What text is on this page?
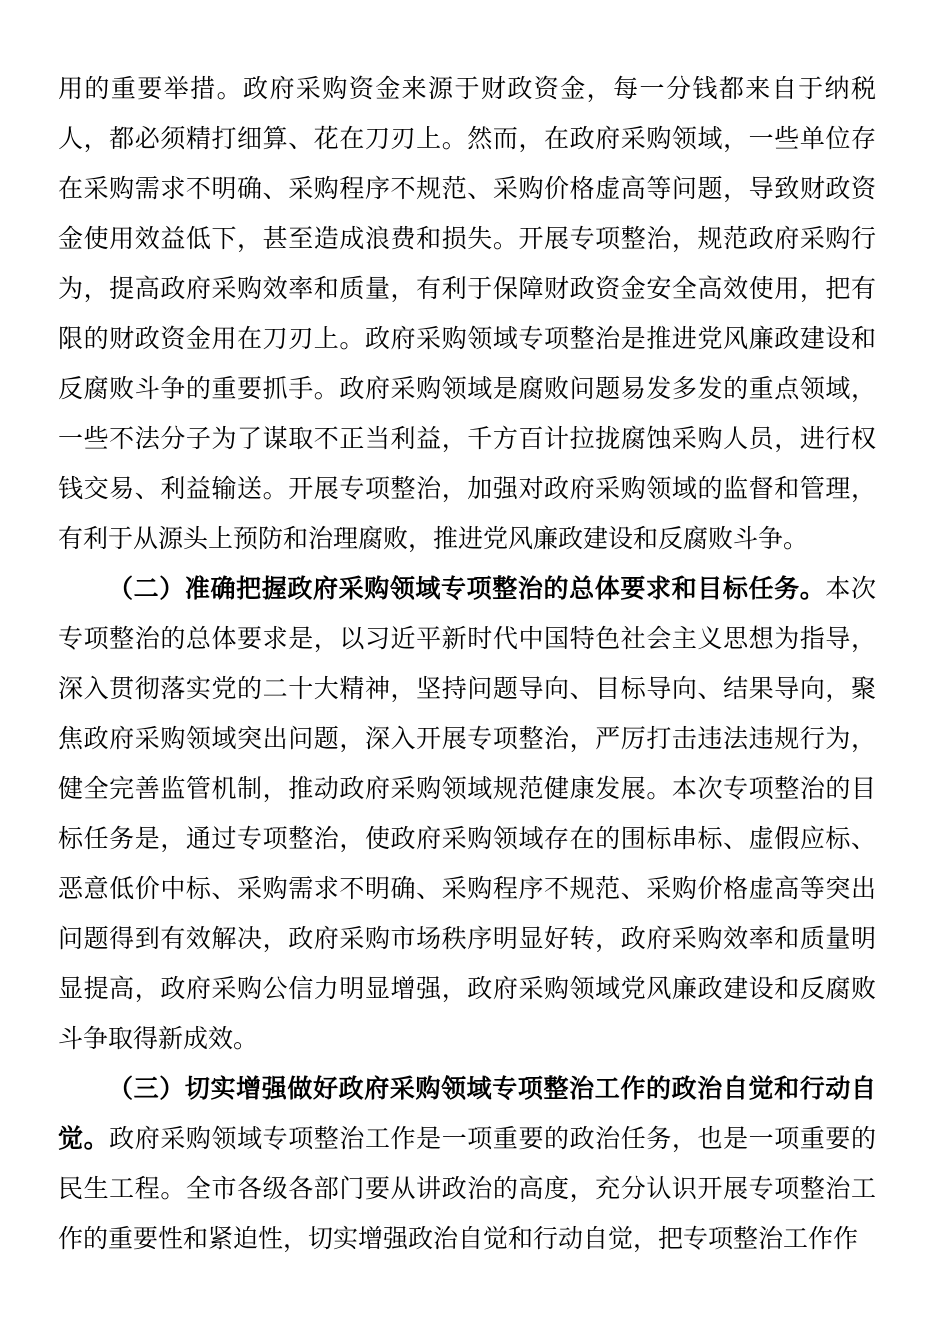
用的重要举措。政府采购资金来源于财政资金，每一分钱都来自于纳税人，都必须精打细算、花在刀刃上。然而，在政府采购领域，一些单位存在采购需求不明确、采购程序不规范、采购价格虚高等问题，导致财政资金使用效益低下，甚至造成浪费和损失。开展专项整治，规范政府采购行为，提高政府采购效率和质量，有利于保障财政资金安全高效使用，把有限的财政资金用在刀刃上。政府采购领域专项整治是推进党风廉政建设和反腐败斗争的重要抓手。政府采购领域是腐败问题易发多发的重点领域，一些不法分子为了谋取不正当利益，千方百计拉拢腐蚀采购人员，进行权钱交易、利益输送。开展专项整治，加强对政府采购领域的监督和管理，有利于从源头上预防和治理腐败，推进党风廉政建设和反腐败斗争。

（二）准确把握政府采购领域专项整治的总体要求和目标任务。本次专项整治的总体要求是，以习近平新时代中国特色社会主义思想为指导，深入贯彻落实党的二十大精神，坚持问题导向、目标导向、结果导向，聚焦政府采购领域突出问题，深入开展专项整治，严厉打击违法违规行为，健全完善监管机制，推动政府采购领域规范健康发展。本次专项整治的目标任务是，通过专项整治，使政府采购领域存在的围标串标、虚假应标、恶意低价中标、采购需求不明确、采购程序不规范、采购价格虚高等突出问题得到有效解决，政府采购市场秩序明显好转，政府采购效率和质量明显提高，政府采购公信力明显增强，政府采购领域党风廉政建设和反腐败斗争取得新成效。

（三）切实增强做好政府采购领域专项整治工作的政治自觉和行动自觉。政府采购领域专项整治工作是一项重要的政治任务，也是一项重要的民生工程。全市各级各部门要从讲政治的高度，充分认识开展专项整治工作的重要性和紧迫性，切实增强政治自觉和行动自觉，把专项整治工作作
